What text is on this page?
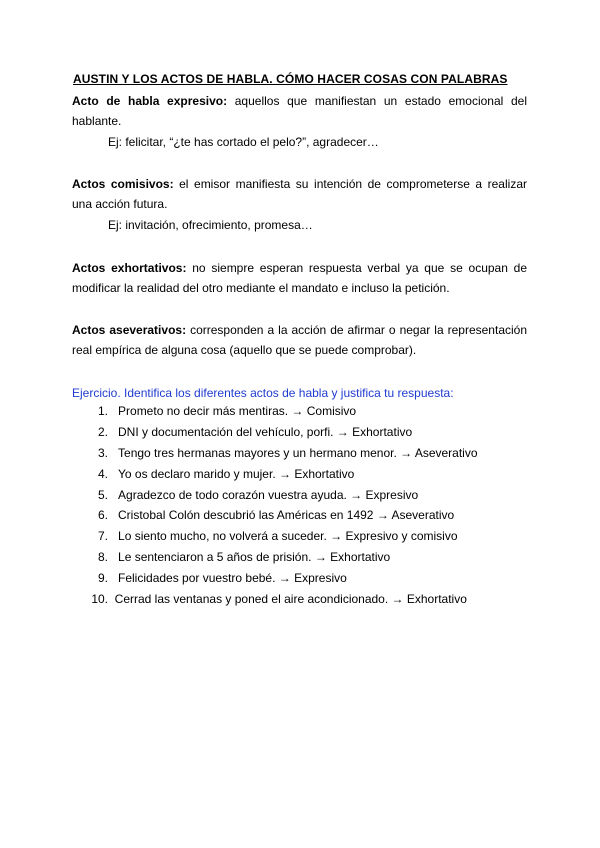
AUSTIN Y LOS ACTOS DE HABLA. CÓMO HACER COSAS CON PALABRAS
Acto de habla expresivo: aquellos que manifiestan un estado emocional del hablante.
Ej: felicitar, “¿te has cortado el pelo?”, agradecer…
Actos comisivos: el emisor manifiesta su intención de comprometerse a realizar una acción futura.
Ej: invitación, ofrecimiento, promesa…
Actos exhortativos: no siempre esperan respuesta verbal ya que se ocupan de modificar la realidad del otro mediante el mandato e incluso la petición.
Actos aseverativos: corresponden a la acción de afirmar o negar la representación real empírica de alguna cosa (aquello que se puede comprobar).
Ejercicio. Identifica los diferentes actos de habla y justifica tu respuesta:
1. Prometo no decir más mentiras. → Comisivo
2. DNI y documentación del vehículo, porfi. → Exhortativo
3. Tengo tres hermanas mayores y un hermano menor. → Aseverativo
4. Yo os declaro marido y mujer. → Exhortativo
5. Agradezco de todo corazón vuestra ayuda. → Expresivo
6. Cristobal Colón descubrió las Américas en 1492 → Aseverativo
7. Lo siento mucho, no volverá a suceder. → Expresivo y comisivo
8. Le sentenciaron a 5 años de prisión. → Exhortativo
9. Felicidades por vuestro bebé. → Expresivo
10. Cerrad las ventanas y poned el aire acondicionado. → Exhortativo
